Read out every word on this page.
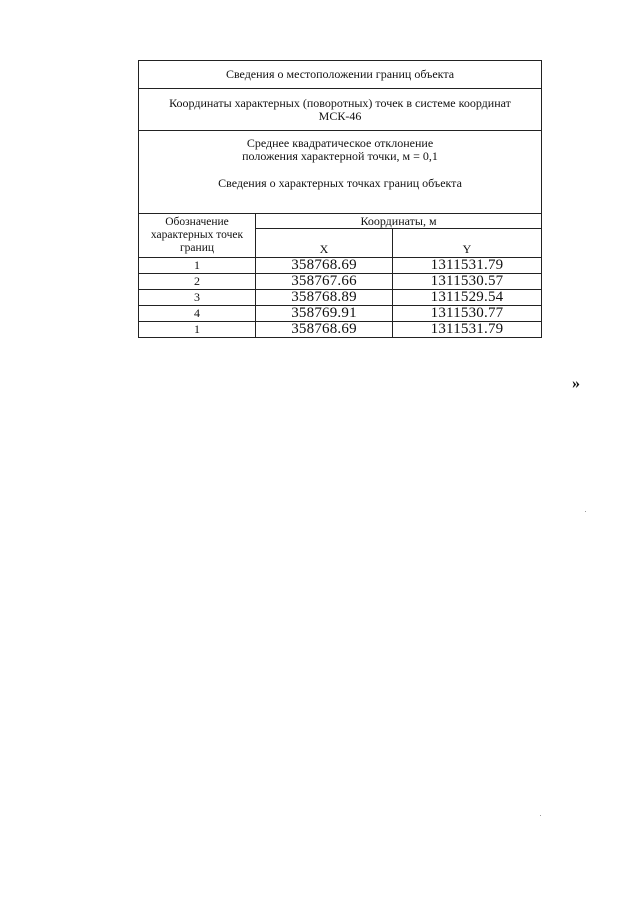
Сведения о местоположении границ объекта		

Координаты характерных (поворотных) точек в системе координат
МСК-46		

Среднее квадратическое отклонение
положения характерной точки, м = 0,1
Сведения о характерных точках границ объекта		

Обозначение
характерных точек
границ	Координаты, м	
	X	Y
1	358768.69	1311531.79
2	358767.66	1311530.57
3	358768.89	1311529.54
4	358769.91	1311530.77
1	358768.69	1311531.79
»
